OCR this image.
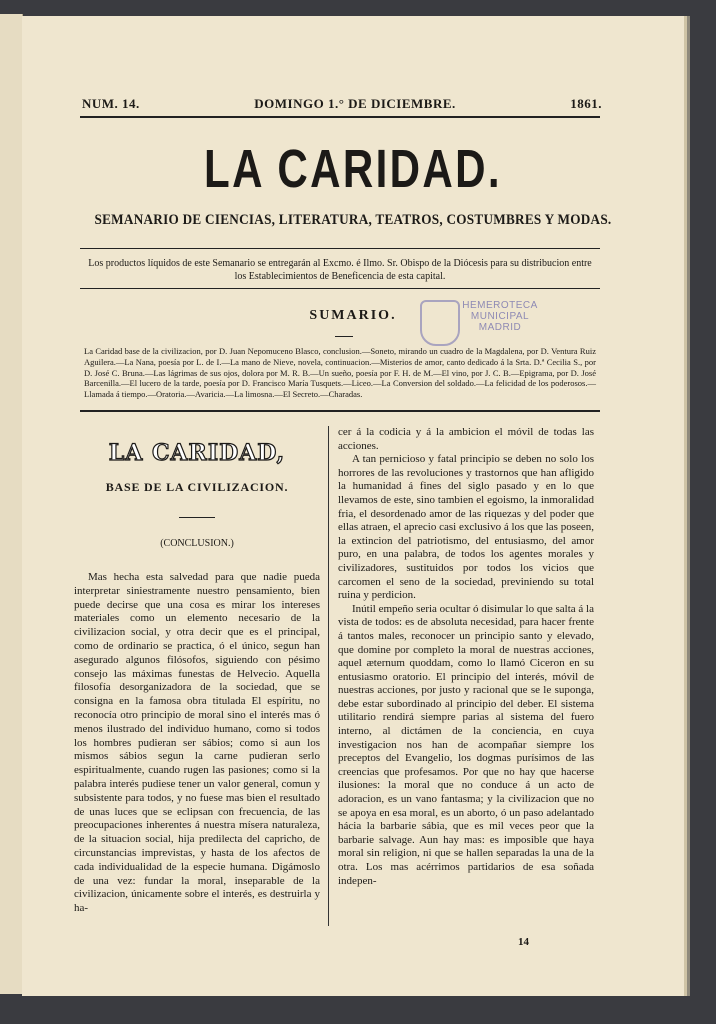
NUM. 14.	DOMINGO 1.° DE DICIEMBRE.	1861.
LA CARIDAD.
SEMANARIO DE CIENCIAS, LITERATURA, TEATROS, COSTUMBRES Y MODAS.
Los productos líquidos de este Semanario se entregarán al Excmo. é Ilmo. Sr. Obispo de la Diócesis para su distribucion entre los Establecimientos de Beneficencia de esta capital.
SUMARIO.
HEMEROTECA
MUNICIPAL
MADRID
La Caridad base de la civilizacion, por D. Juan Nepomuceno Blasco, conclusion.—Soneto, mirando un cuadro de la Magdalena, por D. Ventura Ruiz Aguilera.—La Nana, poesía por L. de I.—La mano de Nieve, novela, continuacion.—Misterios de amor, canto dedicado á la Srta. D.ª Cecilia S., por D. José C. Bruna.—Las lágrimas de sus ojos, dolora por M. R. B.—Un sueño, poesía por F. H. de M.—El vino, por J. C. B.—Epigrama, por D. José Barcenilla.—El lucero de la tarde, poesía por D. Francisco María Tusquets.—Liceo.—La Conversion del soldado.—La felicidad de los poderosos.—Llamada á tiempo.—Oratoria.—Avaricia.—La limosna.—El Secreto.—Charadas.
LA CARIDAD,
BASE DE LA CIVILIZACION.
(CONCLUSION.)
Mas hecha esta salvedad para que nadie pueda interpretar siniestramente nuestro pensamiento, bien puede decirse que una cosa es mirar los intereses materiales como un elemento necesario de la civilizacion social, y otra decir que es el principal, como de ordinario se practica, ó el único, segun han asegurado algunos filósofos, siguiendo con pésimo consejo las máximas funestas de Helvecio. Aquella filosofía desorganizadora de la sociedad, que se consigna en la famosa obra titulada El espíritu, no reconocía otro principio de moral sino el interés mas ó menos ilustrado del individuo humano, como si todos los hombres pudieran ser sábios; como si aun los mismos sábios segun la carne pudieran serlo espiritualmente, cuando rugen las pasiones; como si la palabra interés pudiese tener un valor general, comun y subsistente para todos, y no fuese mas bien el resultado de unas luces que se eclipsan con frecuencia, de las preocupaciones inherentes á nuestra mísera naturaleza, de la situacion social, hija predilecta del capricho, de circunstancias imprevistas, y hasta de los afectos de cada individualidad de la especie humana. Digámoslo de una vez: fundar la moral, inseparable de la civilizacion, únicamente sobre el interés, es destruirla y ha-

cer á la codicia y á la ambicion el móvil de todas las acciones.

A tan pernicioso y fatal principio se deben no solo los horrores de las revoluciones y trastornos que han afligido la humanidad á fines del siglo pasado y en lo que llevamos de este, sino tambien el egoismo, la inmoralidad fria, el desordenado amor de las riquezas y del poder que ellas atraen, el aprecio casi exclusivo á los que las poseen, la extincion del patriotismo, del entusiasmo, del amor puro, en una palabra, de todos los agentes morales y civilizadores, sustituidos por todos los vicios que carcomen el seno de la sociedad, previniendo su total ruina y perdicion.

Inútil empeño seria ocultar ó disimular lo que salta á la vista de todos: es de absoluta necesidad, para hacer frente á tantos males, reconocer un principio santo y elevado, que domine por completo la moral de nuestras acciones, aquel æternum quoddam, como lo llamó Ciceron en su entusiasmo oratorio. El principio del interés, móvil de nuestras acciones, por justo y racional que se le suponga, debe estar subordinado al principio del deber. El sistema utilitario rendirá siempre parias al sistema del fuero interno, al dictámen de la conciencia, en cuya investigacion nos han de acompañar siempre los preceptos del Evangelio, los dogmas purísimos de las creencias que profesamos. Por que no hay que hacerse ilusiones: la moral que no conduce á un acto de adoracion, es un vano fantasma; y la civilizacion que no se apoya en esa moral, es un aborto, ó un paso adelantado hácia la barbarie sábia, que es mil veces peor que la barbarie salvage. Aun hay mas: es imposible que haya moral sin religion, ni que se hallen separadas la una de la otra. Los mas acérrimos partidarios de esa soñada indepen-

14
